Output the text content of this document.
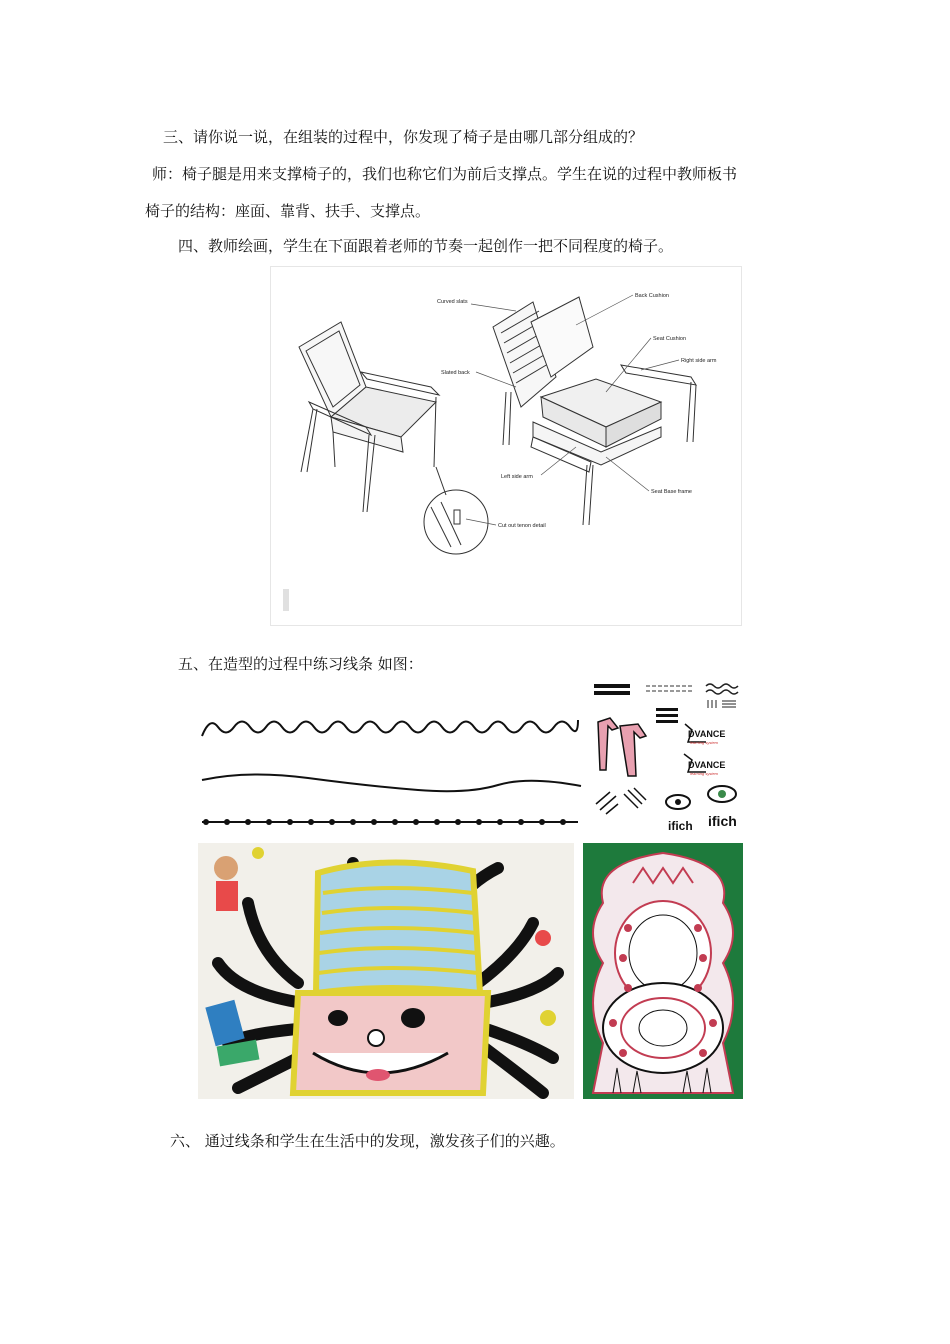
三、请你说一说，在组装的过程中，你发现了椅子是由哪几部分组成的？
师：椅子腿是用来支撑椅子的，我们也称它们为前后支撑点。学生在说的过程中教师板书
椅子的结构：座面、靠背、扶手、支撑点。
四、教师绘画，学生在下面跟着老师的节奏一起创作一把不同程度的椅子。
Curved slats
Back Cushion
Seat Cushion
Right side arm
Slated back
Left side arm
Seat Base frame
Cut out tenon detail
五、在造型的过程中练习线条 如图：
DVANCE
learning system
DVANCE
learning system
ifich ifich
六、 通过线条和学生在生活中的发现，激发孩子们的兴趣。
